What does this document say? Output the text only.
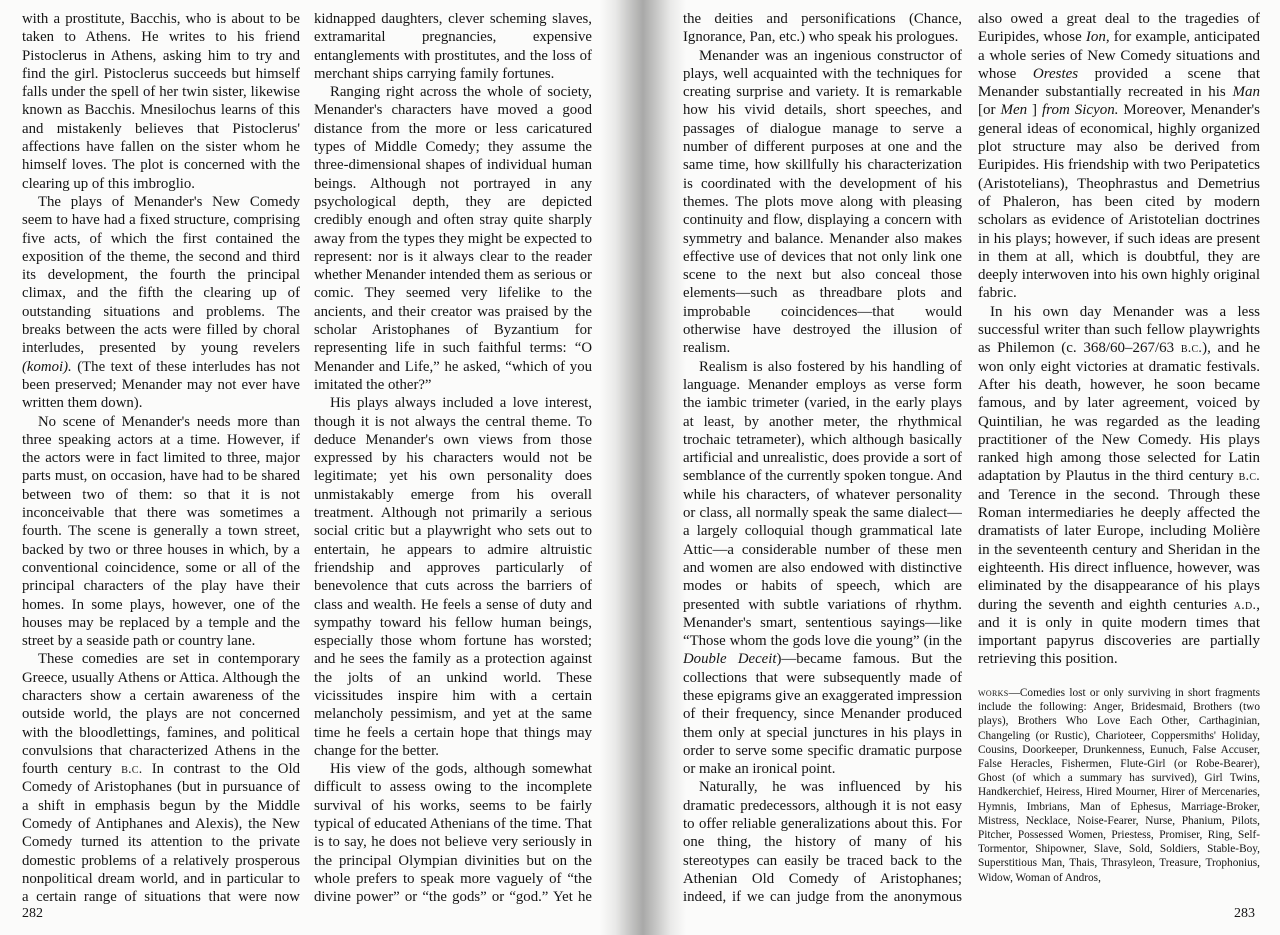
with a prostitute, Bacchis, who is about to be taken to Athens. He writes to his friend Pistoclerus in Athens, asking him to try and find the girl. Pistoclerus succeeds but himself falls under the spell of her twin sister, likewise known as Bacchis. Mnesilochus learns of this and mistakenly believes that Pistoclerus' affections have fallen on the sister whom he himself loves. The plot is concerned with the clearing up of this imbroglio.

The plays of Menander's New Comedy seem to have had a fixed structure, comprising five acts, of which the first contained the exposition of the theme, the second and third its development, the fourth the principal climax, and the fifth the clearing up of outstanding situations and problems. The breaks between the acts were filled by choral interludes, presented by young revelers (komoi). (The text of these interludes has not been preserved; Menander may not ever have written them down).

No scene of Menander's needs more than three speaking actors at a time. However, if the actors were in fact limited to three, major parts must, on occasion, have had to be shared between two of them: so that it is not inconceivable that there was sometimes a fourth. The scene is generally a town street, backed by two or three houses in which, by a conventional coincidence, some or all of the principal characters of the play have their homes. In some plays, however, one of the houses may be replaced by a temple and the street by a seaside path or country lane.

These comedies are set in contemporary Greece, usually Athens or Attica. Although the characters show a certain awareness of the outside world, the plays are not concerned with the bloodlettings, famines, and political convulsions that characterized Athens in the fourth century b.c. In contrast to the Old Comedy of Aristophanes (but in pursuance of a shift in emphasis begun by the Middle Comedy of Antiphanes and Alexis), the New Comedy turned its attention to the private domestic problems of a relatively prosperous nonpolitical dream world, and in particular to a certain range of situations that were now

kidnapped daughters, clever scheming slaves, extramarital pregnancies, expensive entanglements with prostitutes, and the loss of merchant ships carrying family fortunes.

Ranging right across the whole of society, Menander's characters have moved a good distance from the more or less caricatured types of Middle Comedy; they assume the three-dimensional shapes of individual human beings. Although not portrayed in any psychological depth, they are depicted credibly enough and often stray quite sharply away from the types they might be expected to represent: nor is it always clear to the reader whether Menander intended them as serious or comic. They seemed very lifelike to the ancients, and their creator was praised by the scholar Aristophanes of Byzantium for representing life in such faithful terms: “O Menander and Life,” he asked, “which of you imitated the other?”

His plays always included a love interest, though it is not always the central theme. To deduce Menander's own views from those expressed by his characters would not be legitimate; yet his own personality does unmistakably emerge from his overall treatment. Although not primarily a serious social critic but a playwright who sets out to entertain, he appears to admire altruistic friendship and approves particularly of benevolence that cuts across the barriers of class and wealth. He feels a sense of duty and sympathy toward his fellow human beings, especially those whom fortune has worsted; and he sees the family as a protection against the jolts of an unkind world. These vicissitudes inspire him with a certain melancholy pessimism, and yet at the same time he feels a certain hope that things may change for the better.

His view of the gods, although somewhat difficult to assess owing to the incomplete survival of his works, seems to be fairly typical of educated Athenians of the time. That is to say, he does not believe very seriously in the principal Olympian divinities but on the whole prefers to speak more vaguely of “the divine power” or “the gods” or “god.” Yet he

the deities and personifications (Chance, Ignorance, Pan, etc.) who speak his prologues.

Menander was an ingenious constructor of plays, well acquainted with the techniques for creating surprise and variety. It is remarkable how his vivid details, short speeches, and passages of dialogue manage to serve a number of different purposes at one and the same time, how skillfully his characterization is coordinated with the development of his themes. The plots move along with pleasing continuity and flow, displaying a concern with symmetry and balance. Menander also makes effective use of devices that not only link one scene to the next but also conceal those elements—such as threadbare plots and improbable coincidences—that would otherwise have destroyed the illusion of realism.

Realism is also fostered by his handling of language. Menander employs as verse form the iambic trimeter (varied, in the early plays at least, by another meter, the rhythmical trochaic tetrameter), which although basically artificial and unrealistic, does provide a sort of semblance of the currently spoken tongue. And while his characters, of whatever personality or class, all normally speak the same dialect—a largely colloquial though grammatical late Attic—a considerable number of these men and women are also endowed with distinctive modes or habits of speech, which are presented with subtle variations of rhythm. Menander's smart, sententious sayings—like “Those whom the gods love die young” (in the Double Deceit)—became famous. But the collections that were subsequently made of these epigrams give an exaggerated impression of their frequency, since Menander produced them only at special junctures in his plays in order to serve some specific dramatic purpose or make an ironical point.

Naturally, he was influenced by his dramatic predecessors, although it is not easy to offer reliable generalizations about this. For one thing, the history of many of his stereotypes can easily be traced back to the Athenian Old Comedy of Aristophanes; indeed, if we can judge from the anonymous

also owed a great deal to the tragedies of Euripides, whose Ion, for example, anticipated a whole series of New Comedy situations and whose Orestes provided a scene that Menander substantially recreated in his Man [or Men ] from Sicyon. Moreover, Menander's general ideas of economical, highly organized plot structure may also be derived from Euripides. His friendship with two Peripatetics (Aristotelians), Theophrastus and Demetrius of Phaleron, has been cited by modern scholars as evidence of Aristotelian doctrines in his plays; however, if such ideas are present in them at all, which is doubtful, they are deeply interwoven into his own highly original fabric.

In his own day Menander was a less successful writer than such fellow playwrights as Philemon (c. 368/60–267/63 b.c.), and he won only eight victories at dramatic festivals. After his death, however, he soon became famous, and by later agreement, voiced by Quintilian, he was regarded as the leading practitioner of the New Comedy. His plays ranked high among those selected for Latin adaptation by Plautus in the third century b.c. and Terence in the second. Through these Roman intermediaries he deeply affected the dramatists of later Europe, including Molière in the seventeenth century and Sheridan in the eighteenth. His direct influence, however, was eliminated by the disappearance of his plays during the seventh and eighth centuries a.d., and it is only in quite modern times that important papyrus discoveries are partially retrieving this position.

works—Comedies lost or only surviving in short fragments include the following: Anger, Bridesmaid, Brothers (two plays), Brothers Who Love Each Other, Carthaginian, Changeling (or Rustic), Charioteer, Coppersmiths' Holiday, Cousins, Doorkeeper, Drunkenness, Eunuch, False Accuser, False Heracles, Fishermen, Flute-Girl (or Robe-Bearer), Ghost (of which a summary has survived), Girl Twins, Handkerchief, Heiress, Hired Mourner, Hirer of Mercenaries, Hymnis, Imbrians, Man of Ephesus, Marriage-Broker, Mistress, Necklace, Noise-Fearer, Nurse, Phanium, Pilots, Pitcher, Possessed Women, Priestess, Promiser, Ring, Self-Tormentor, Shipowner, Slave, Sold, Soldiers, Stable-Boy, Superstitious Man, Thais, Thrasyleon, Treasure, Trophonius, Widow, Woman of Andros,
282	283
